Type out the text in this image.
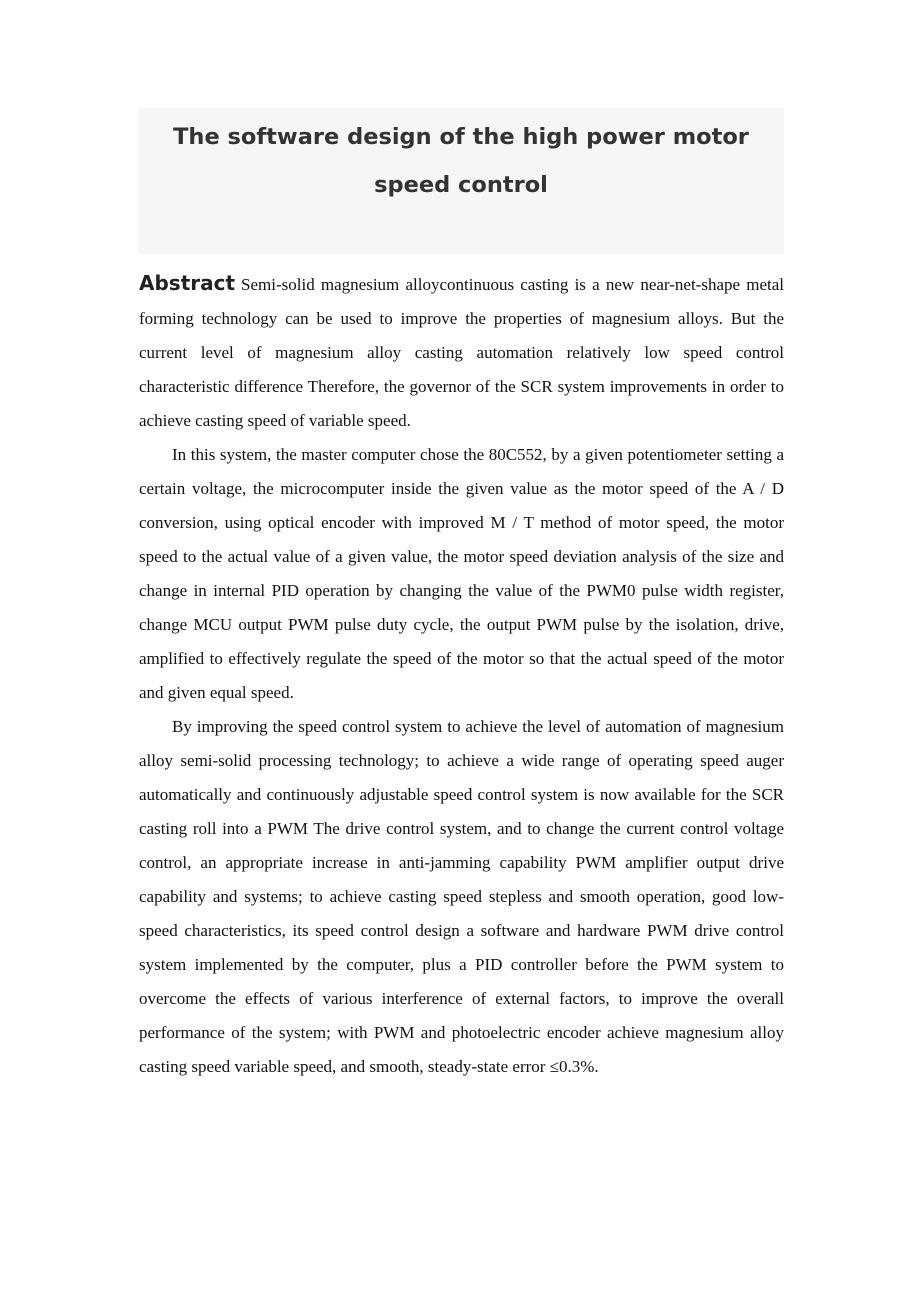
The software design of the high power motor speed control

Abstract Semi-solid magnesium alloycontinuous casting is a new near-net-shape metal forming technology can be used to improve the properties of magnesium alloys. But the current level of magnesium alloy casting automation relatively low speed control characteristic difference Therefore, the governor of the SCR system improvements in order to achieve casting speed of variable speed.

In this system, the master computer chose the 80C552, by a given potentiometer setting a certain voltage, the microcomputer inside the given value as the motor speed of the A / D conversion, using optical encoder with improved M / T method of motor speed, the motor speed to the actual value of a given value, the motor speed deviation analysis of the size and change in internal PID operation by changing the value of the PWM0 pulse width register, change MCU output PWM pulse duty cycle, the output PWM pulse by the isolation, drive, amplified to effectively regulate the speed of the motor so that the actual speed of the motor and given equal speed.

By improving the speed control system to achieve the level of automation of magnesium alloy semi-solid processing technology; to achieve a wide range of operating speed auger automatically and continuously adjustable speed control system is now available for the SCR casting roll into a PWM The drive control system, and to change the current control voltage control, an appropriate increase in anti-jamming capability PWM amplifier output drive capability and systems; to achieve casting speed stepless and smooth operation, good low-speed characteristics, its speed control design a software and hardware PWM drive control system implemented by the computer, plus a PID controller before the PWM system to overcome the effects of various interference of external factors, to improve the overall performance of the system; with PWM and photoelectric encoder achieve magnesium alloy casting speed variable speed, and smooth, steady-state error ≤0.3%.
